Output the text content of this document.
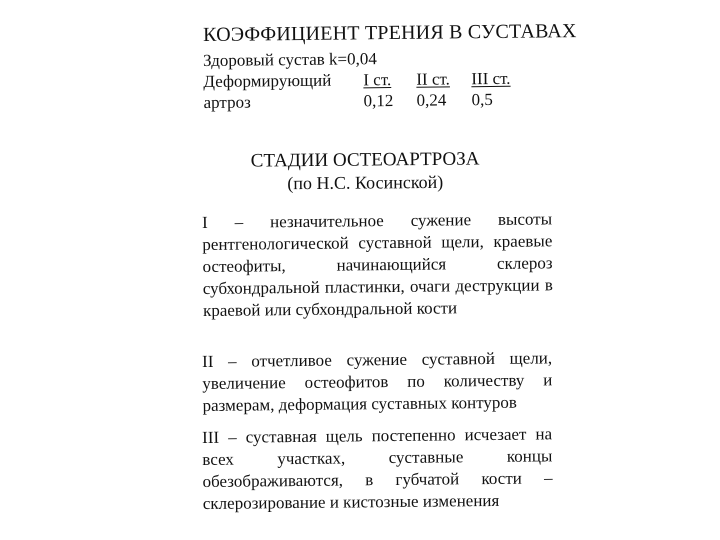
КОЭФФИЦИЕНТ ТРЕНИЯ В СУСТАВАХ
Здоровый сустав k=0,04
Деформирующий I ст. II ст. III ст.
артроз	0,12 0,24 0,5
СТАДИИ ОСТЕОАРТРОЗА
(по Н.С. Косинской)
I – незначительное сужение высоты рентгенологической суставной щели, краевые остеофиты, начинающийся склероз субхондральной пластинки, очаги деструкции в краевой или субхондральной кости
II – отчетливое сужение суставной щели, увеличение остеофитов по количеству и размерам, деформация суставных контуров
III – суставная щель постепенно исчезает на всех участках, суставные концы обезображиваются, в губчатой кости – склерозирование и кистозные изменения
